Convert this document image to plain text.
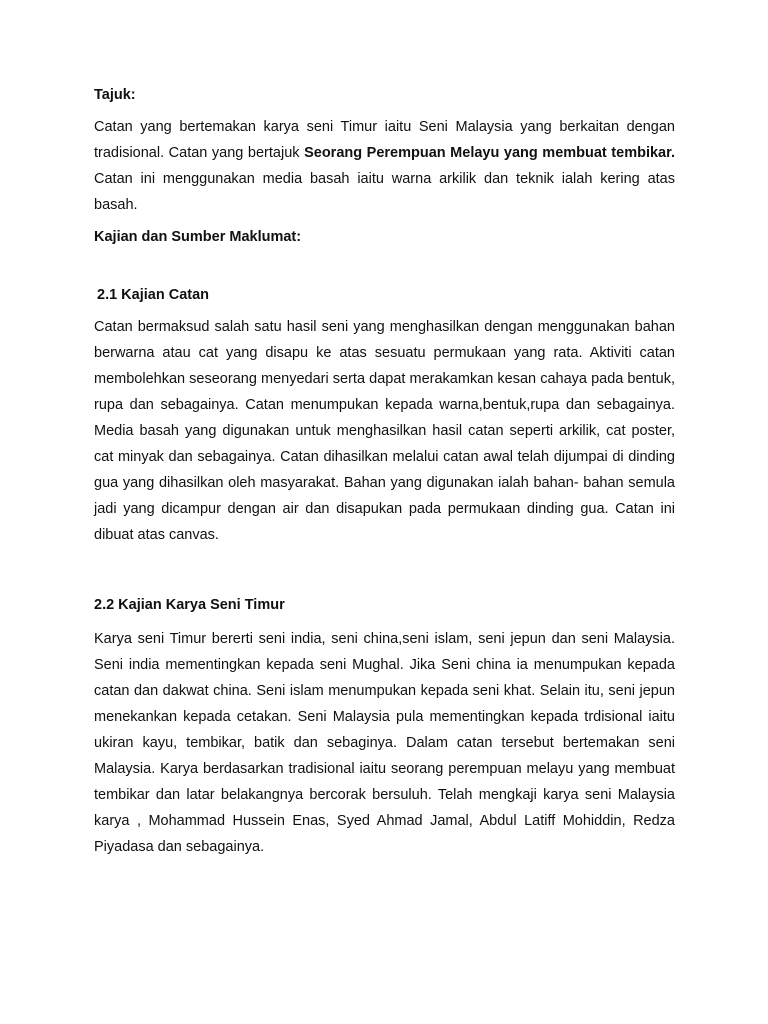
Tajuk:

Catan yang bertemakan karya seni Timur iaitu Seni Malaysia yang berkaitan dengan tradisional. Catan yang bertajuk Seorang Perempuan Melayu yang membuat tembikar. Catan ini menggunakan media basah iaitu warna arkilik dan teknik ialah kering atas basah.

Kajian dan Sumber Maklumat:

2.1 Kajian Catan

Catan bermaksud salah satu hasil seni yang menghasilkan dengan menggunakan bahan berwarna atau cat yang disapu ke atas sesuatu permukaan yang rata. Aktiviti catan membolehkan seseorang menyedari serta dapat merakamkan kesan cahaya pada bentuk, rupa dan sebagainya. Catan menumpukan kepada warna,bentuk,rupa dan sebagainya. Media basah yang digunakan untuk menghasilkan hasil catan seperti arkilik, cat poster, cat minyak dan sebagainya. Catan dihasilkan melalui catan awal telah dijumpai di dinding gua yang dihasilkan oleh masyarakat. Bahan yang digunakan ialah bahan- bahan semula jadi yang dicampur dengan air dan disapukan pada permukaan dinding gua. Catan ini dibuat atas canvas.

2.2 Kajian Karya Seni Timur

Karya seni Timur bererti seni india, seni china,seni islam, seni jepun dan seni Malaysia. Seni india mementingkan kepada seni Mughal. Jika Seni china ia menumpukan kepada catan dan dakwat china. Seni islam menumpukan kepada seni khat. Selain itu, seni jepun menekankan kepada cetakan. Seni Malaysia pula mementingkan kepada trdisional iaitu ukiran kayu, tembikar, batik dan sebaginya. Dalam catan tersebut bertemakan seni Malaysia. Karya berdasarkan tradisional iaitu seorang perempuan melayu yang membuat tembikar dan latar belakangnya bercorak bersuluh. Telah mengkaji karya seni Malaysia karya , Mohammad Hussein Enas, Syed Ahmad Jamal, Abdul Latiff Mohiddin, Redza Piyadasa dan sebagainya.
